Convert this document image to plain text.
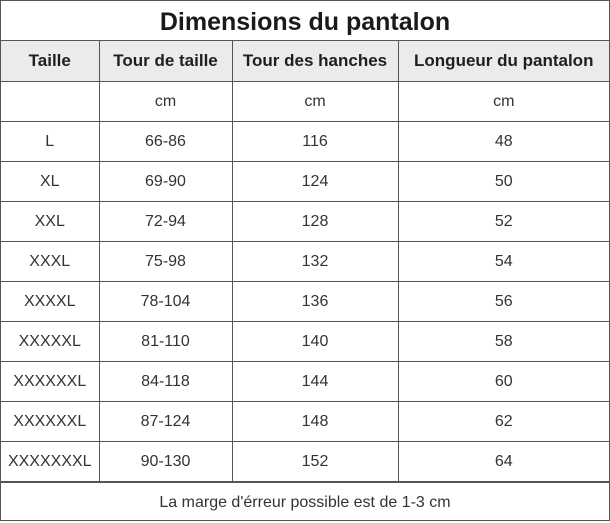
Dimensions du pantalon
Taille	Tour de taille	Tour des hanches	Longueur du pantalon
	cm	cm	cm
L	66-86	116	48
XL	69-90	124	50
XXL	72-94	128	52
XXXL	75-98	132	54
XXXXL	78-104	136	56
XXXXXL	81-110	140	58
XXXXXXL	84-118	144	60
XXXXXXL	87-124	148	62
XXXXXXXL	90-130	152	64
La marge d'érreur possible est de 1-3 cm
